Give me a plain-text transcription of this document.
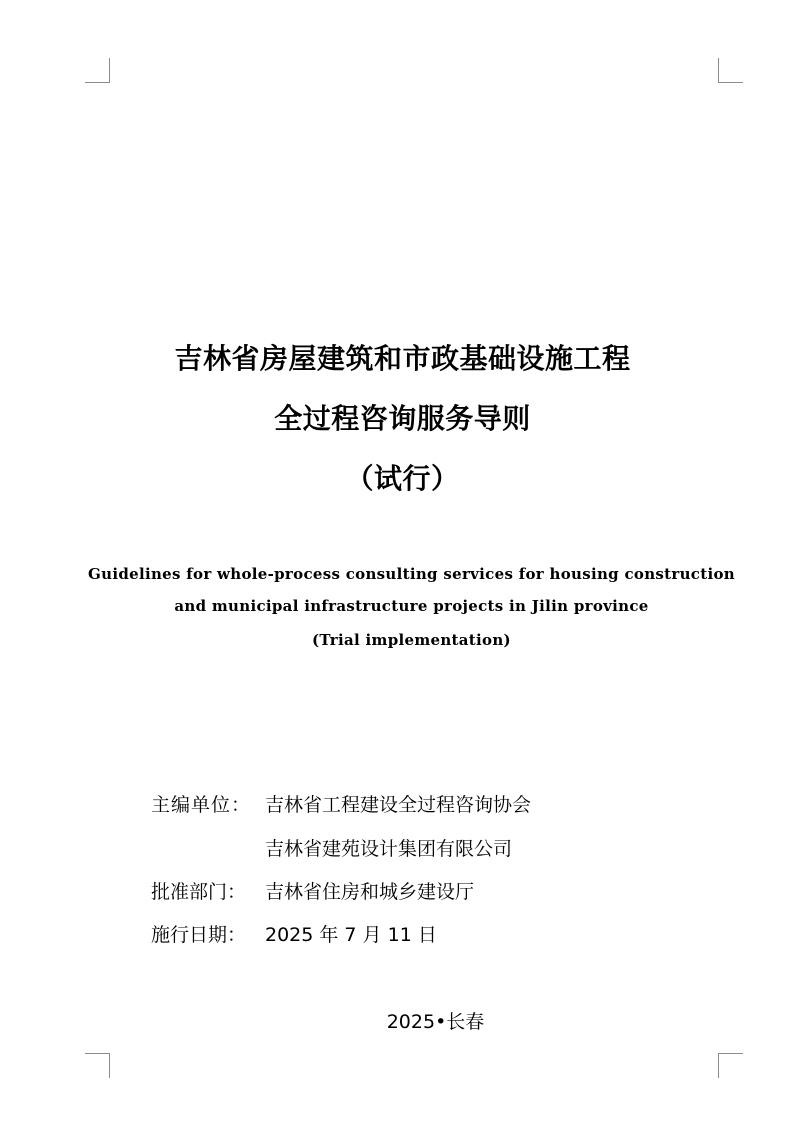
吉林省房屋建筑和市政基础设施工程
全过程咨询服务导则
（试行）
Guidelines for whole-process consulting services for housing construction
and municipal infrastructure projects in Jilin province
(Trial implementation)
主编单位： 吉林省工程建设全过程咨询协会
吉林省建苑设计集团有限公司
批准部门： 吉林省住房和城乡建设厅
施行日期： 2025 年 7 月 11 日
2025•长春
